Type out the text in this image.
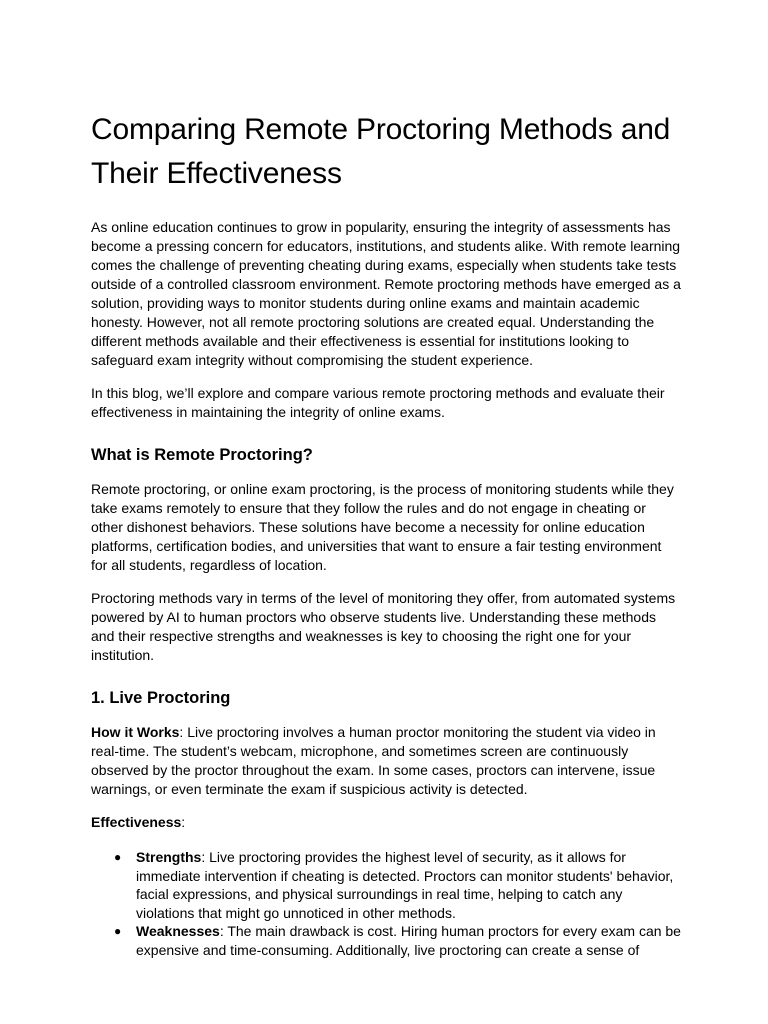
Comparing Remote Proctoring Methods and Their Effectiveness

As online education continues to grow in popularity, ensuring the integrity of assessments has become a pressing concern for educators, institutions, and students alike. With remote learning comes the challenge of preventing cheating during exams, especially when students take tests outside of a controlled classroom environment. Remote proctoring methods have emerged as a solution, providing ways to monitor students during online exams and maintain academic honesty. However, not all remote proctoring solutions are created equal. Understanding the different methods available and their effectiveness is essential for institutions looking to safeguard exam integrity without compromising the student experience.

In this blog, we’ll explore and compare various remote proctoring methods and evaluate their effectiveness in maintaining the integrity of online exams.

What is Remote Proctoring?

Remote proctoring, or online exam proctoring, is the process of monitoring students while they take exams remotely to ensure that they follow the rules and do not engage in cheating or other dishonest behaviors. These solutions have become a necessity for online education platforms, certification bodies, and universities that want to ensure a fair testing environment for all students, regardless of location.

Proctoring methods vary in terms of the level of monitoring they offer, from automated systems powered by AI to human proctors who observe students live. Understanding these methods and their respective strengths and weaknesses is key to choosing the right one for your institution.

1. Live Proctoring

How it Works: Live proctoring involves a human proctor monitoring the student via video in real-time. The student’s webcam, microphone, and sometimes screen are continuously observed by the proctor throughout the exam. In some cases, proctors can intervene, issue warnings, or even terminate the exam if suspicious activity is detected.

Effectiveness:

● Strengths: Live proctoring provides the highest level of security, as it allows for immediate intervention if cheating is detected. Proctors can monitor students' behavior, facial expressions, and physical surroundings in real time, helping to catch any violations that might go unnoticed in other methods.
● Weaknesses: The main drawback is cost. Hiring human proctors for every exam can be expensive and time-consuming. Additionally, live proctoring can create a sense of
